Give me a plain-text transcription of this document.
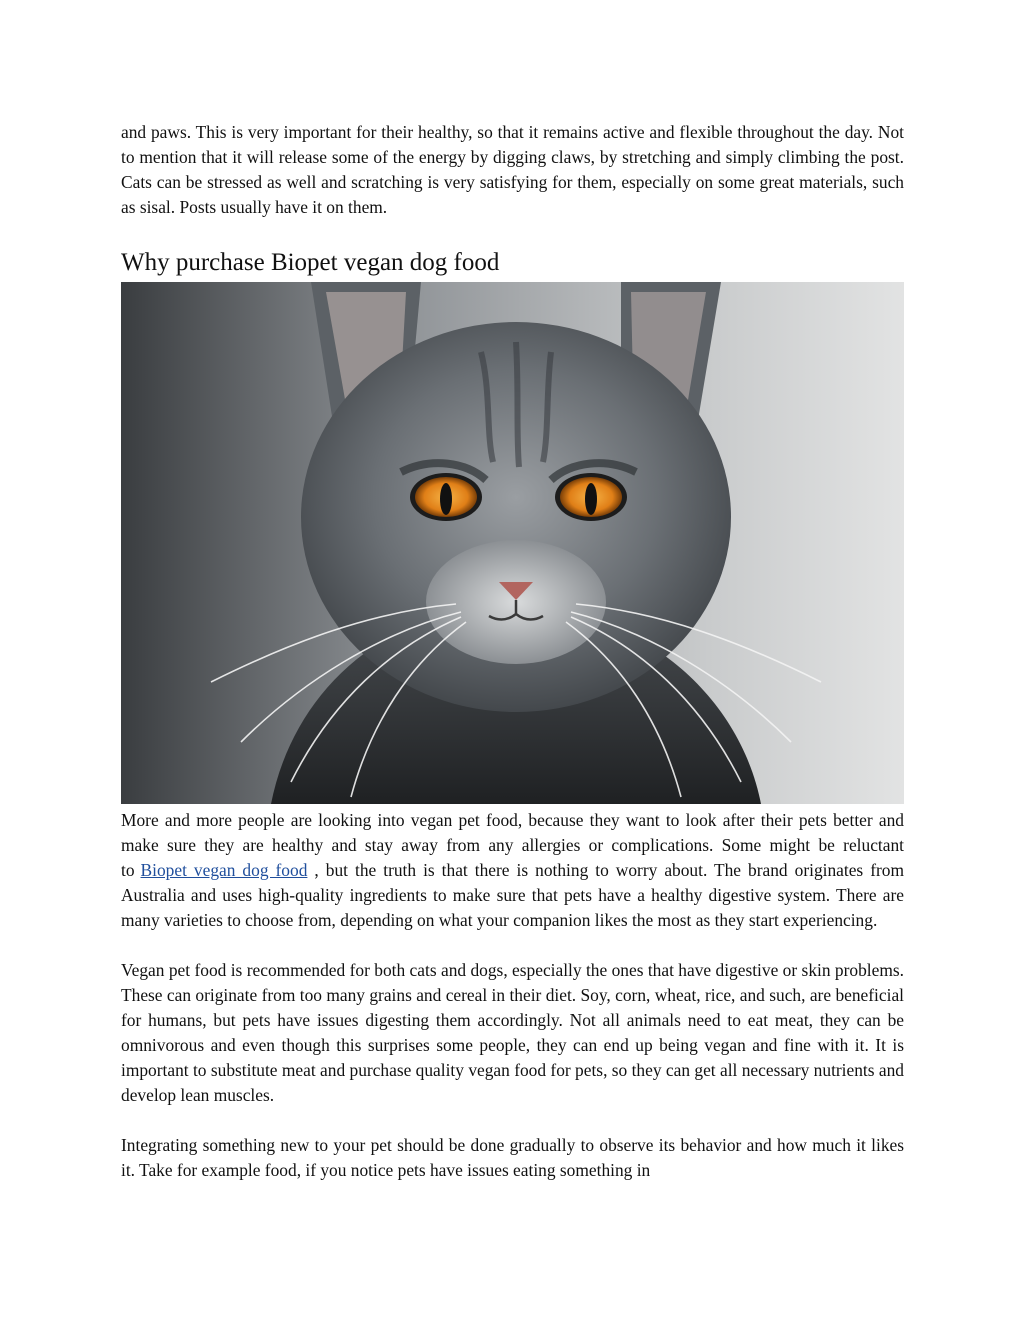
and paws. This is very important for their healthy, so that it remains active and flexible throughout the day. Not to mention that it will release some of the energy by digging claws, by stretching and simply climbing the post. Cats can be stressed as well and scratching is very satisfying for them, especially on some great materials, such as sisal. Posts usually have it on them.

Why purchase Biopet vegan dog food

More and more people are looking into vegan pet food, because they want to look after their pets better and make sure they are healthy and stay away from any allergies or complications. Some might be reluctant to Biopet vegan dog food , but the truth is that there is nothing to worry about. The brand originates from Australia and uses high-quality ingredients to make sure that pets have a healthy digestive system. There are many varieties to choose from, depending on what your companion likes the most as they start experiencing.

Vegan pet food is recommended for both cats and dogs, especially the ones that have digestive or skin problems. These can originate from too many grains and cereal in their diet. Soy, corn, wheat, rice, and such, are beneficial for humans, but pets have issues digesting them accordingly. Not all animals need to eat meat, they can be omnivorous and even though this surprises some people, they can end up being vegan and fine with it. It is important to substitute meat and purchase quality vegan food for pets, so they can get all necessary nutrients and develop lean muscles.

Integrating something new to your pet should be done gradually to observe its behavior and how much it likes it. Take for example food, if you notice pets have issues eating something in
